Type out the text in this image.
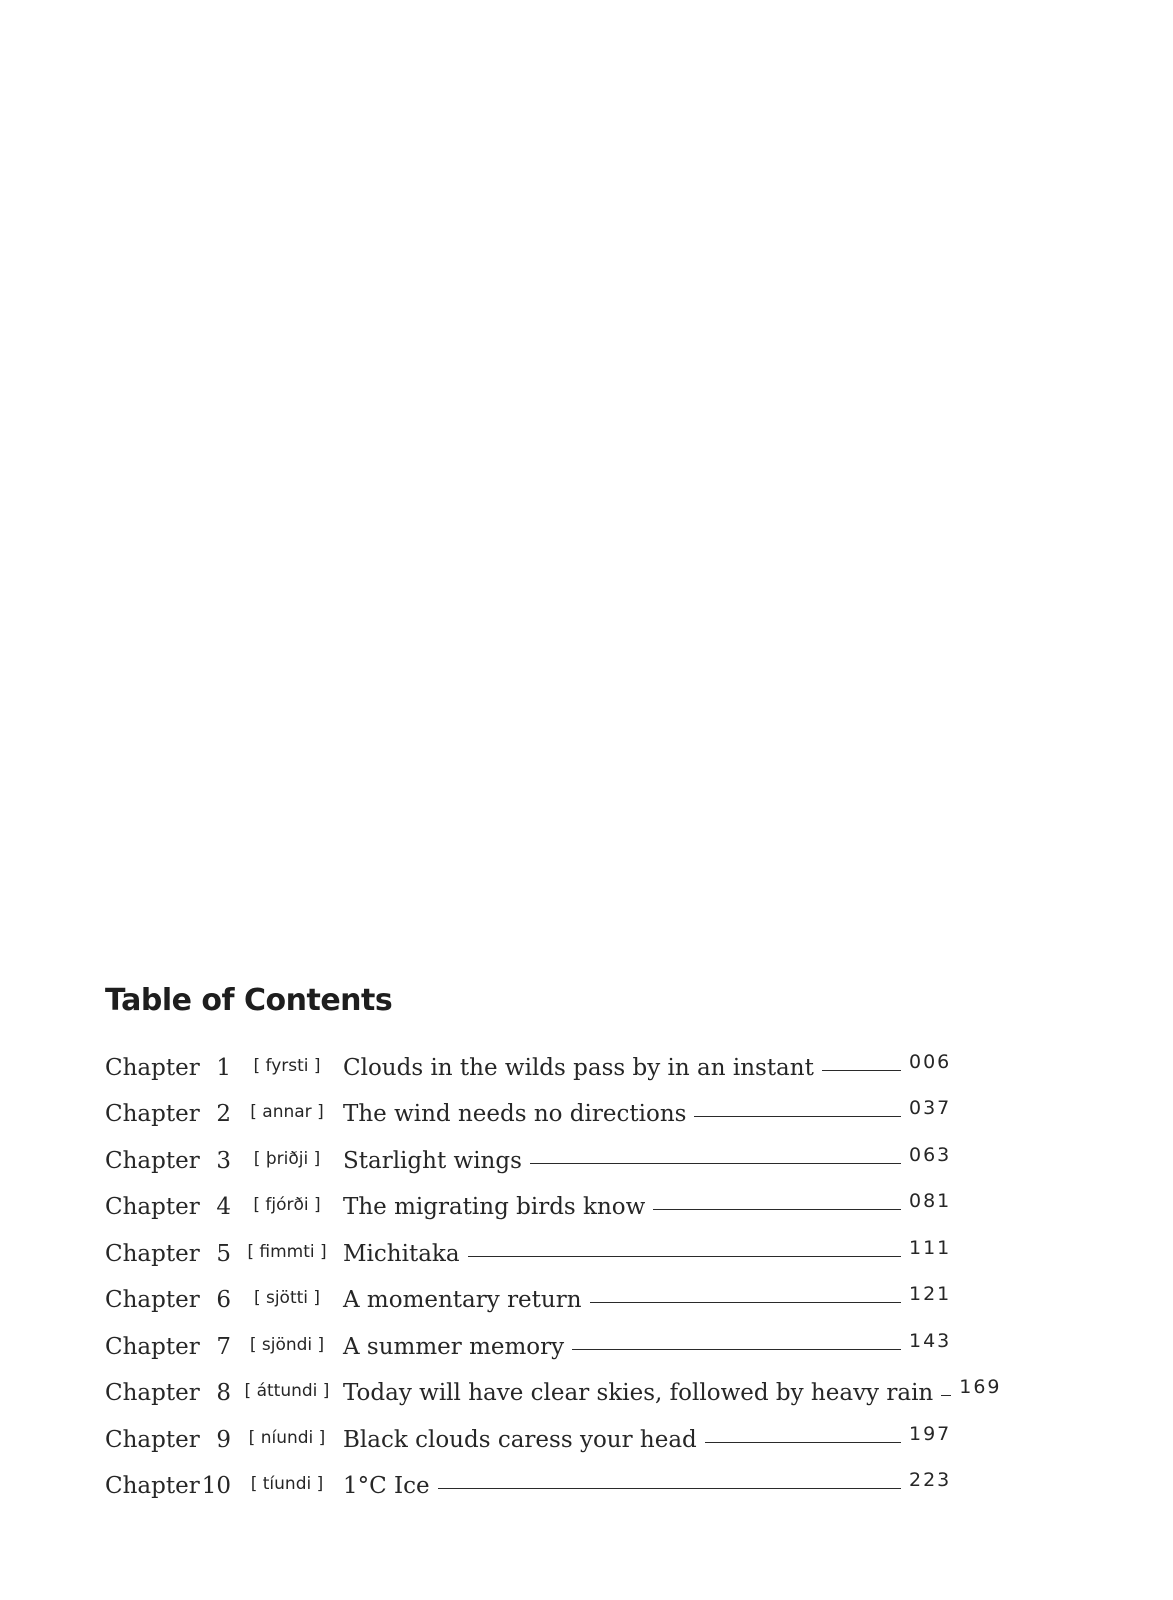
Table of Contents
Chapter 1	[ fyrsti ] Clouds in the wilds pass by in an instant	006
Chapter 2	[ annar ] The wind needs no directions	037
Chapter 3	[ þriðji ] Starlight wings	063
Chapter 4	[ fjórði ] The migrating birds know	081
Chapter 5 [ fimmti ] Michitaka	111
Chapter 6	[ sjötti ] A momentary return	121
Chapter 7	[ sjöndi ] A summer memory	143
Chapter 8 [ áttundi ] Today will have clear skies, followed by heavy rain 169
Chapter 9	[ níundi ] Black clouds caress your head	197
Chapter 10	[ tíundi ] 1°C Ice	223
